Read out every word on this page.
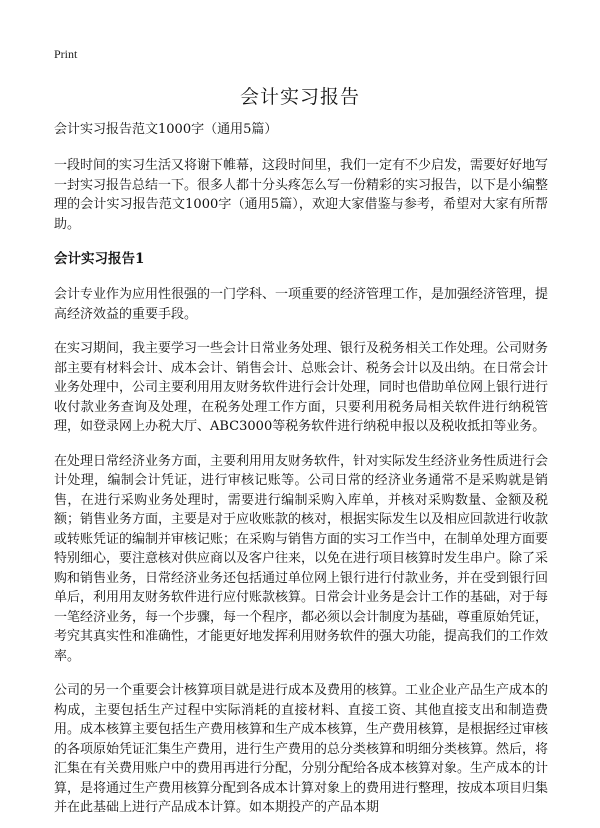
Print
会计实习报告

会计实习报告范文1000字（通用5篇）

一段时间的实习生活又将谢下帷幕，这段时间里，我们一定有不少启发，需要好好地写一封实习报告总结一下。很多人都十分头疼怎么写一份精彩的实习报告，以下是小编整理的会计实习报告范文1000字（通用5篇），欢迎大家借鉴与参考，希望对大家有所帮助。

会计实习报告1

会计专业作为应用性很强的一门学科、一项重要的经济管理工作，是加强经济管理，提高经济效益的重要手段。

在实习期间，我主要学习一些会计日常业务处理、银行及税务相关工作处理。公司财务部主要有材料会计、成本会计、销售会计、总账会计、税务会计以及出纳。在日常会计业务处理中，公司主要利用用友财务软件进行会计处理，同时也借助单位网上银行进行收付款业务查询及处理，在税务处理工作方面，只要利用税务局相关软件进行纳税管理，如登录网上办税大厅、ABC3000等税务软件进行纳税申报以及税收抵扣等业务。

在处理日常经济业务方面，主要利用用友财务软件，针对实际发生经济业务性质进行会计处理，编制会计凭证，进行审核记账等。公司日常的经济业务通常不是采购就是销售，在进行采购业务处理时，需要进行编制采购入库单，并核对采购数量、金额及税额；销售业务方面，主要是对于应收账款的核对，根据实际发生以及相应回款进行收款或转账凭证的编制并审核记账；在采购与销售方面的实习工作当中，在制单处理方面要特别细心，要注意核对供应商以及客户往来，以免在进行项目核算时发生串户。除了采购和销售业务，日常经济业务还包括通过单位网上银行进行付款业务，并在受到银行回单后，利用用友财务软件进行应付账款核算。日常会计业务是会计工作的基础，对于每一笔经济业务，每一个步骤，每一个程序，都必须以会计制度为基础，尊重原始凭证，考究其真实性和准确性，才能更好地发挥利用财务软件的强大功能，提高我们的工作效率。

公司的另一个重要会计核算项目就是进行成本及费用的核算。工业企业产品生产成本的构成，主要包括生产过程中实际消耗的直接材料、直接工资、其他直接支出和制造费用。成本核算主要包括生产费用核算和生产成本核算，生产费用核算，是根据经过审核的各项原始凭证汇集生产费用，进行生产费用的总分类核算和明细分类核算。然后，将汇集在有关费用账户中的费用再进行分配，分别分配给各成本核算对象。生产成本的计算，是将通过生产费用核算分配到各成本计算对象上的费用进行整理，按成本项目归集并在此基础上进行产品成本计算。如本期投产的产品本期
